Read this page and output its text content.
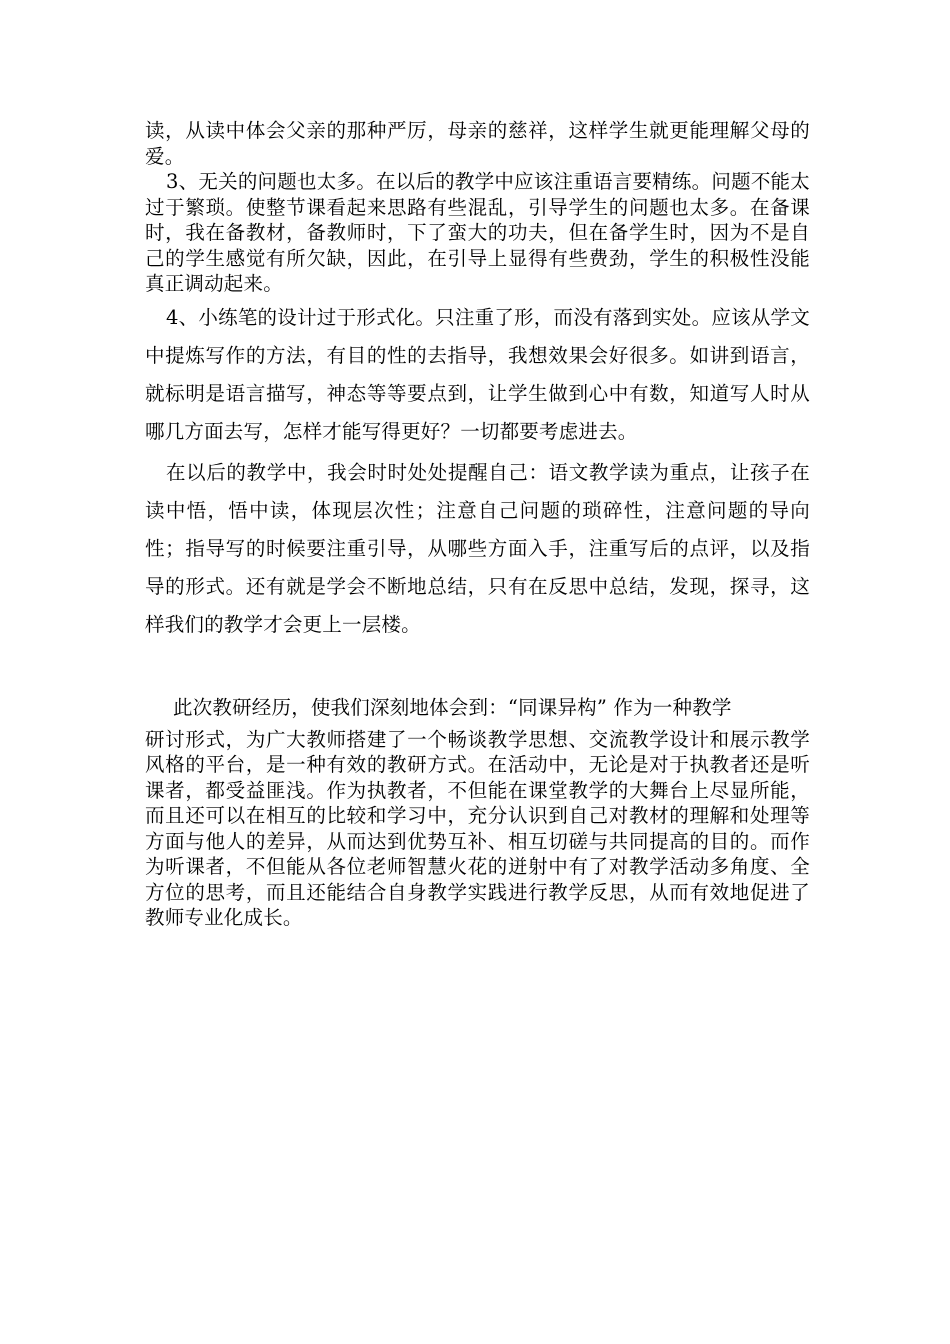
读，从读中体会父亲的那种严厉，母亲的慈祥，这样学生就更能理解父母的爱。

3、无关的问题也太多。在以后的教学中应该注重语言要精练。问题不能太过于繁琐。使整节课看起来思路有些混乱，引导学生的问题也太多。在备课时，我在备教材，备教师时，下了蛮大的功夫，但在备学生时，因为不是自己的学生感觉有所欠缺，因此，在引导上显得有些费劲，学生的积极性没能真正调动起来。

4、小练笔的设计过于形式化。只注重了形，而没有落到实处。应该从学文中提炼写作的方法，有目的性的去指导，我想效果会好很多。如讲到语言，就标明是语言描写，神态等等要点到，让学生做到心中有数，知道写人时从哪几方面去写，怎样才能写得更好？一切都要考虑进去。

在以后的教学中，我会时时处处提醒自己：语文教学读为重点，让孩子在读中悟，悟中读，体现层次性；注意自己问题的琐碎性，注意问题的导向性；指导写的时候要注重引导，从哪些方面入手，注重写后的点评，以及指导的形式。还有就是学会不断地总结，只有在反思中总结，发现，探寻，这样我们的教学才会更上一层楼。

此次教研经历，使我们深刻地体会到：“同课异构” 作为一种教学

研讨形式，为广大教师搭建了一个畅谈教学思想、交流教学设计和展示教学风格的平台，是一种有效的教研方式。在活动中，无论是对于执教者还是听课者，都受益匪浅。作为执教者，不但能在课堂教学的大舞台上尽显所能，而且还可以在相互的比较和学习中，充分认识到自己对教材的理解和处理等方面与他人的差异，从而达到优势互补、相互切磋与共同提高的目的。而作为听课者，不但能从各位老师智慧火花的迸射中有了对教学活动多角度、全方位的思考，而且还能结合自身教学实践进行教学反思，从而有效地促进了教师专业化成长。
